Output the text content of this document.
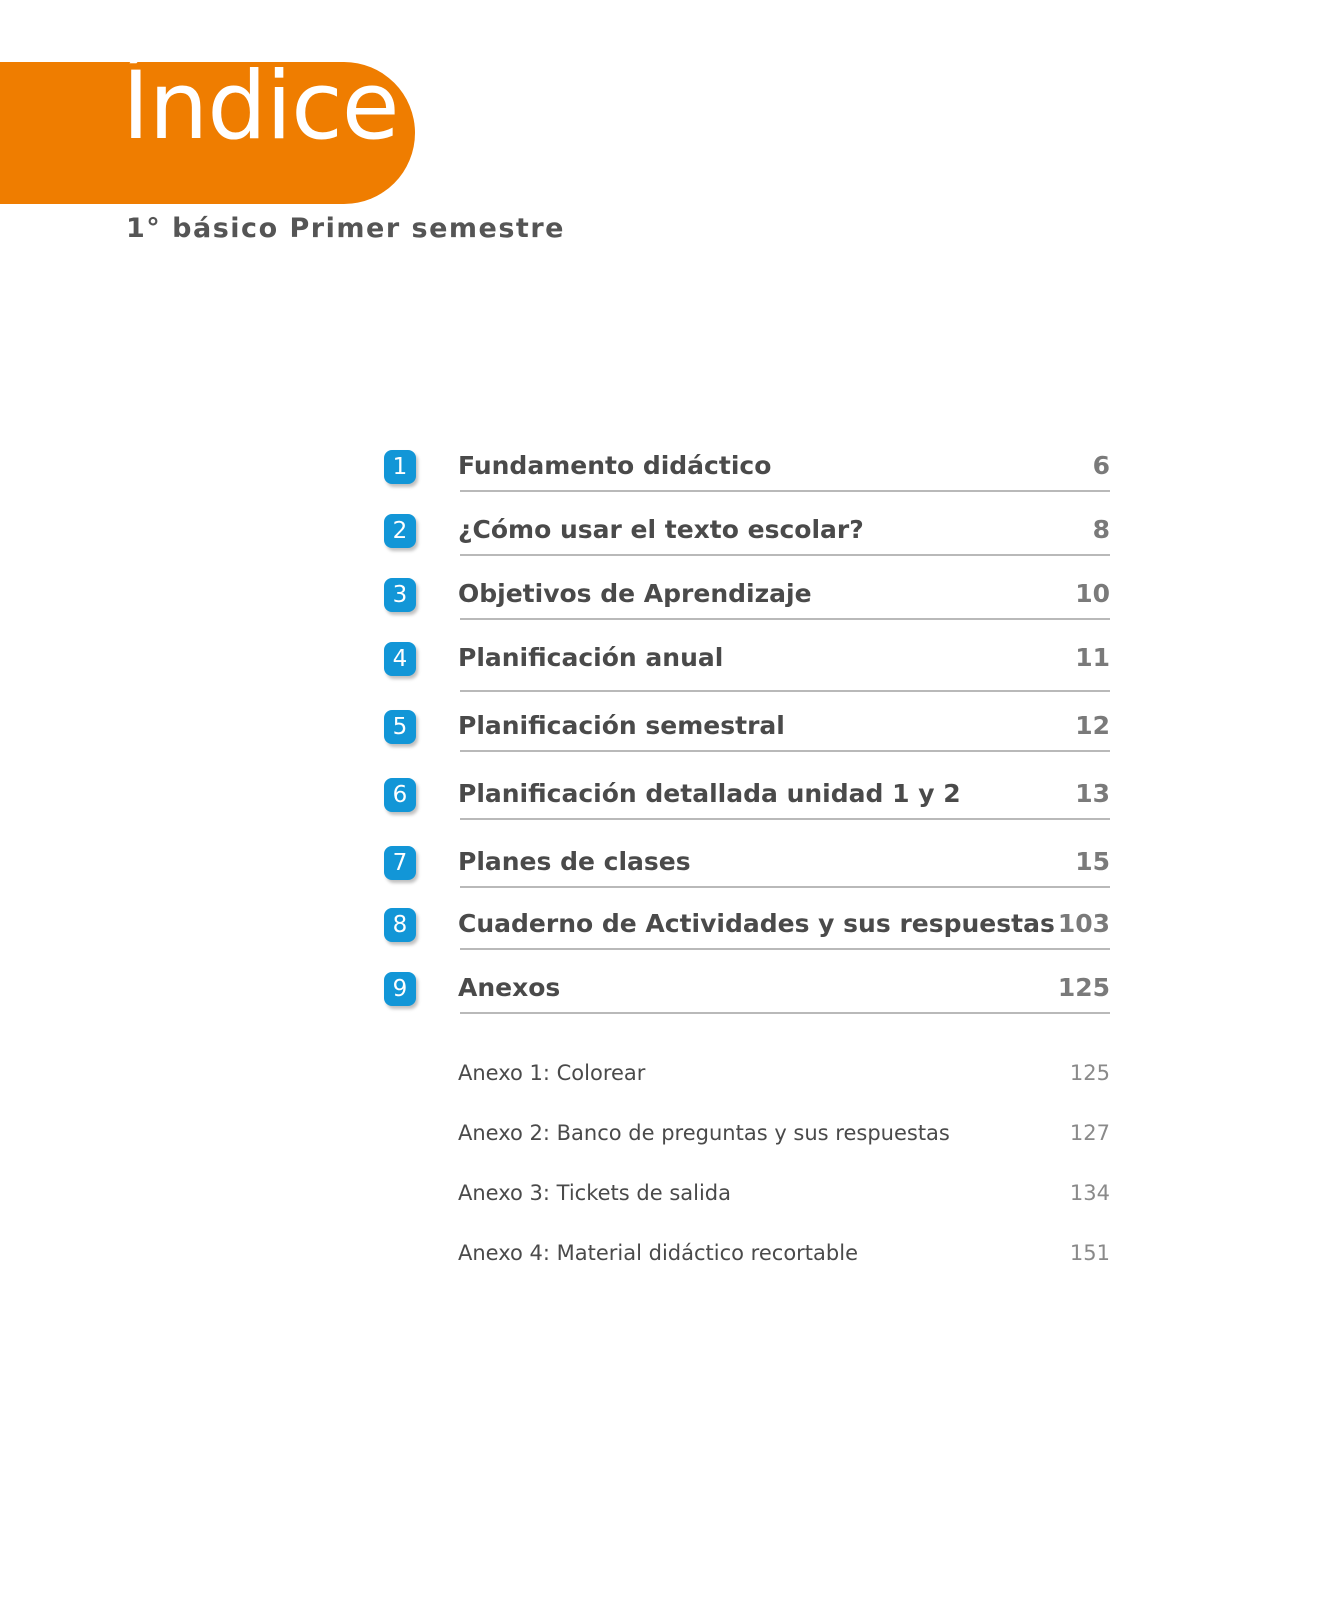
Índice
1° básico Primer semestre
1	Fundamento didáctico	6
2	¿Cómo usar el texto escolar?	8
3	Objetivos de Aprendizaje	10
4	Planificación anual	11
5	Planificación semestral	12
6	Planificación detallada unidad 1 y 2	13
7	Planes de clases	15
8	Cuaderno de Actividades y sus respuestas 103
9	Anexos	125
Anexo 1: Colorear	125
Anexo 2: Banco de preguntas y sus respuestas	127
Anexo 3: Tickets de salida	134
Anexo 4: Material didáctico recortable	151
